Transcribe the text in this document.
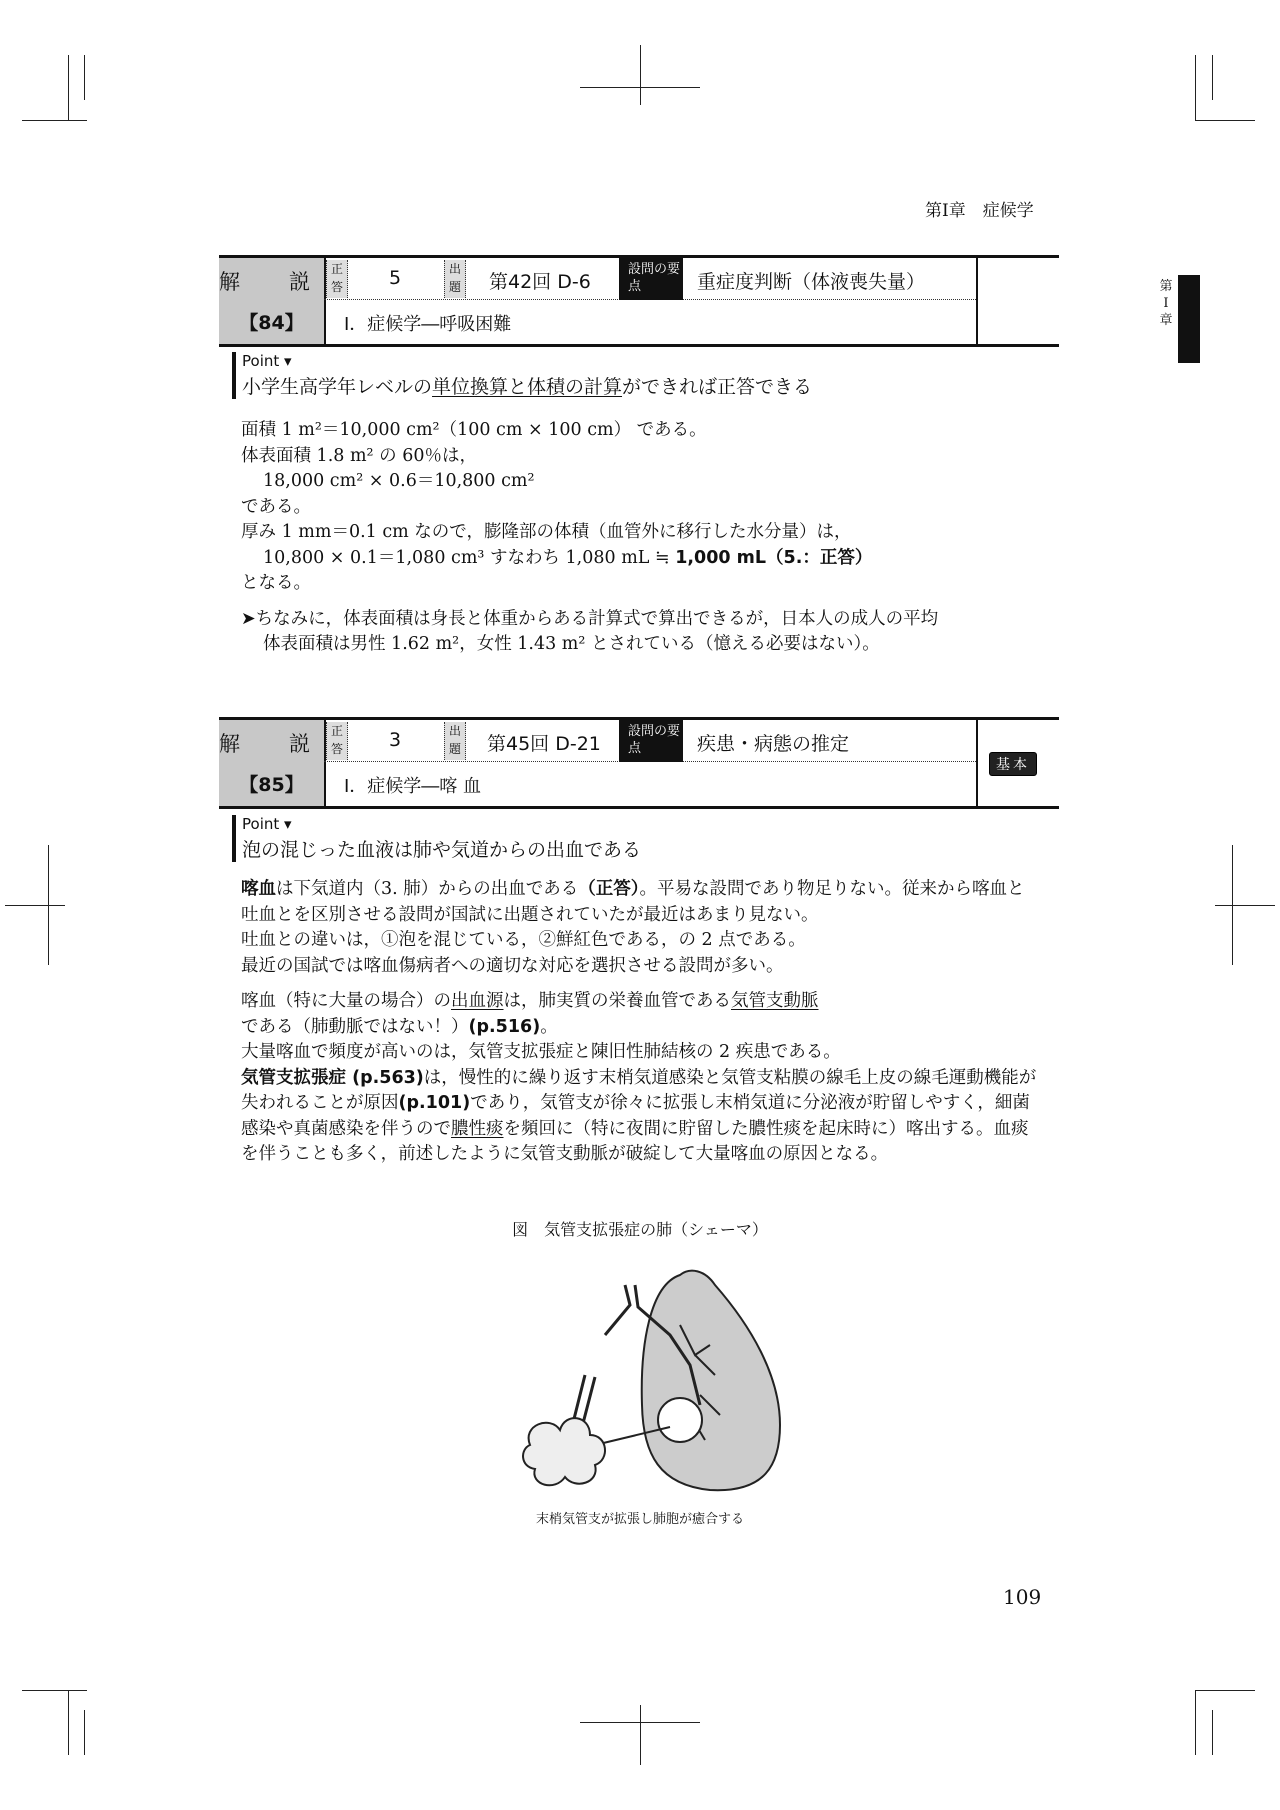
第Ⅰ章　症候学
第Ⅰ章
解　説
【84】
正答 5	出題 第42回 D-6
設問の要点	重症度判断（体液喪失量）
Ⅰ．症候学―呼吸困難
Point ▾
小学生高学年レベルの単位換算と体積の計算ができれば正答できる
面積 1 m²＝10,000 cm²（100 cm × 100 cm） である。
体表面積 1.8 m² の 60％は，
18,000 cm² × 0.6＝10,800 cm²
である。
厚み 1 mm＝0.1 cm なので，膨隆部の体積（血管外に移行した水分量）は，
10,800 × 0.1＝1,080 cm³ すなわち 1,080 mL ≒ 1,000 mL（5.：正答）
となる。
➤ちなみに，体表面積は身長と体重からある計算式で算出できるが，日本人の成人の平均
体表面積は男性 1.62 m²，女性 1.43 m² とされている（憶える必要はない）。
解　説
【85】
正答 3	出題 第45回 D-21
設問の要点	疾患・病態の推定
Ⅰ．症候学―喀 血
基本
Point ▾
泡の混じった血液は肺や気道からの出血である
喀血は下気道内（3. 肺）からの出血である（正答）。平易な設問であり物足りない。従来から喀血と吐血とを区別させる設問が国試に出題されていたが最近はあまり見ない。
吐血との違いは，①泡を混じている，②鮮紅色である，の 2 点である。
最近の国試では喀血傷病者への適切な対応を選択させる設問が多い。
喀血（特に大量の場合）の出血源は，肺実質の栄養血管である気管支動脈である（肺動脈ではない！）(p.516)。
大量喀血で頻度が高いのは，気管支拡張症と陳旧性肺結核の 2 疾患である。
気管支拡張症 (p.563)は，慢性的に繰り返す末梢気道感染と気管支粘膜の線毛上皮の線毛運動機能が失われることが原因(p.101)であり，気管支が徐々に拡張し末梢気道に分泌液が貯留しやすく，細菌感染や真菌感染を伴うので膿性痰を頻回に（特に夜間に貯留した膿性痰を起床時に）喀出する。血痰を伴うことも多く，前述したように気管支動脈が破綻して大量喀血の原因となる。
図　気管支拡張症の肺（シェーマ）
末梢気管支が拡張し肺胞が癒合する
109
